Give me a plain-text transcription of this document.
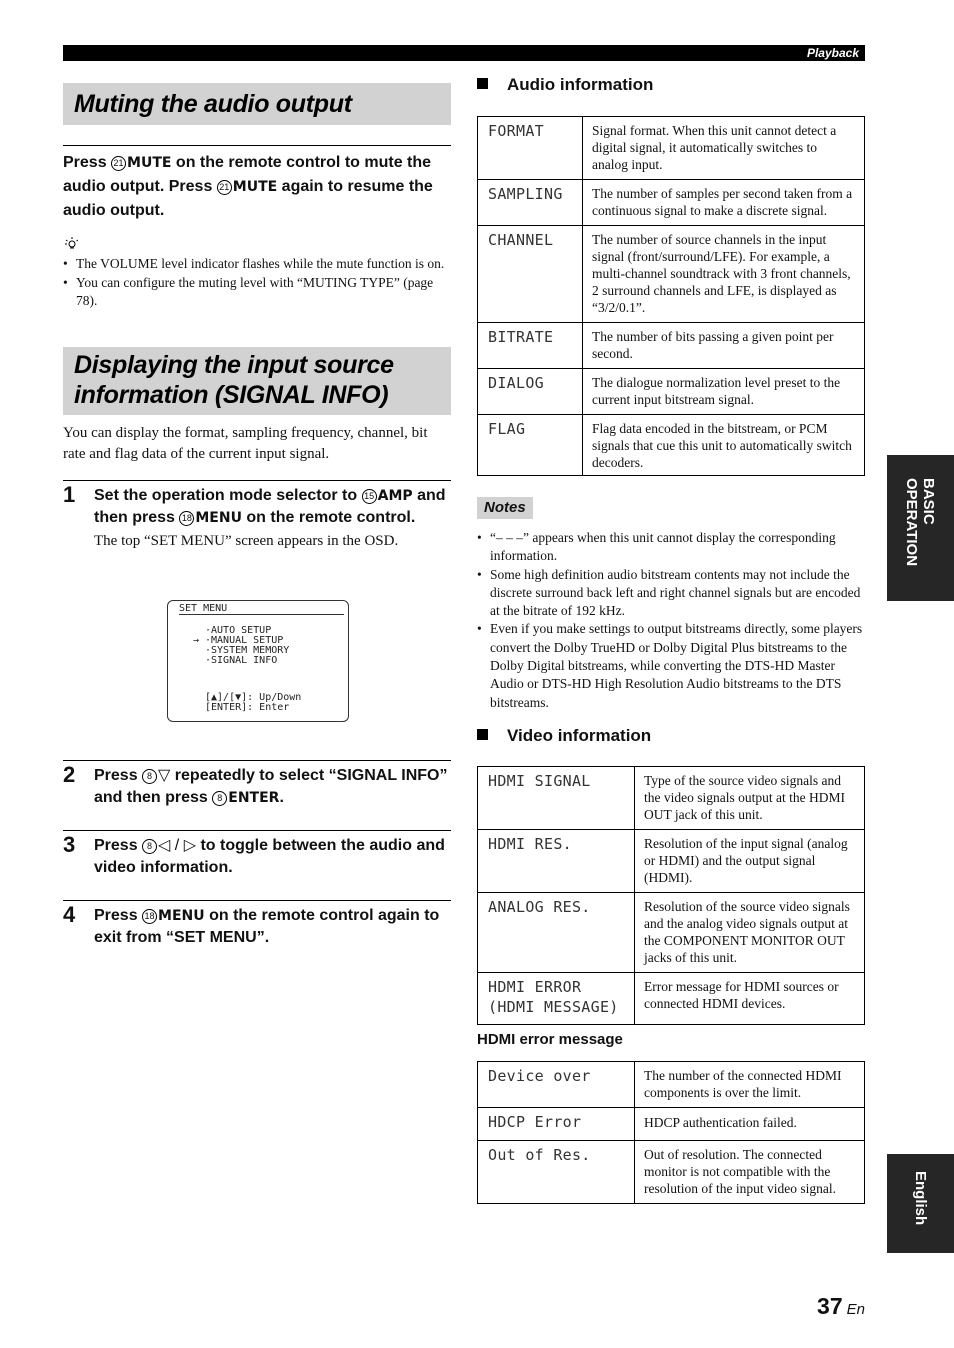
Playback
Muting the audio output
Press 21 MUTE on the remote control to mute the audio output. Press 21 MUTE again to resume the audio output.
• The VOLUME level indicator flashes while the mute function is on.
• You can configure the muting level with “MUTING TYPE” (page 78).
Displaying the input source
information (SIGNAL INFO)
You can display the format, sampling frequency, channel, bit rate and flag data of the current input signal.
1 Set the operation mode selector to 15 AMP and then press 18 MENU on the remote control.
The top “SET MENU” screen appears in the OSD.
SET MENU
→
·AUTO SETUP
·MANUAL SETUP
·SYSTEM MEMORY
·SIGNAL INFO
[▲]/[▼]: Up/Down
[ENTER]: Enter
2 Press 8 ▽ repeatedly to select “SIGNAL INFO” and then press 8 ENTER.
3 Press 8 ◁ / ▷ to toggle between the audio and video information.
4 Press 18 MENU on the remote control again to exit from “SET MENU”.
Audio information
FORMAT	Signal format. When this unit cannot detect a digital signal, it automatically switches to analog input.
SAMPLING	The number of samples per second taken from a continuous signal to make a discrete signal.
CHANNEL	The number of source channels in the input signal (front/surround/LFE). For example, a multi-channel soundtrack with 3 front channels, 2 surround channels and LFE, is displayed as “3/2/0.1”.
BITRATE	The number of bits passing a given point per second.
DIALOG	The dialogue normalization level preset to the current input bitstream signal.
FLAG	Flag data encoded in the bitstream, or PCM signals that cue this unit to automatically switch decoders.
Notes
• “– – –” appears when this unit cannot display the corresponding information.
• Some high definition audio bitstream contents may not include the discrete surround back left and right channel signals but are encoded at the bitrate of 192 kHz.
• Even if you make settings to output bitstreams directly, some players convert the Dolby TrueHD or Dolby Digital Plus bitstreams to the Dolby Digital bitstreams, while converting the DTS-HD Master Audio or DTS-HD High Resolution Audio bitstreams to the DTS bitstreams.
Video information
HDMI SIGNAL	Type of the source video signals and the video signals output at the HDMI OUT jack of this unit.
HDMI RES.	Resolution of the input signal (analog or HDMI) and the output signal (HDMI).
ANALOG RES.	Resolution of the source video signals and the analog video signals output at the COMPONENT MONITOR OUT jacks of this unit.

HDMI ERROR
(HDMI MESSAGE)	Error message for HDMI sources or connected HDMI devices.
HDMI error message
Device over	The number of the connected HDMI components is over the limit.
HDCP Error	HDCP authentication failed.
Out of Res.	Out of resolution. The connected monitor is not compatible with the resolution of the input video signal.
BASIC
OPERATION
English
37 En
